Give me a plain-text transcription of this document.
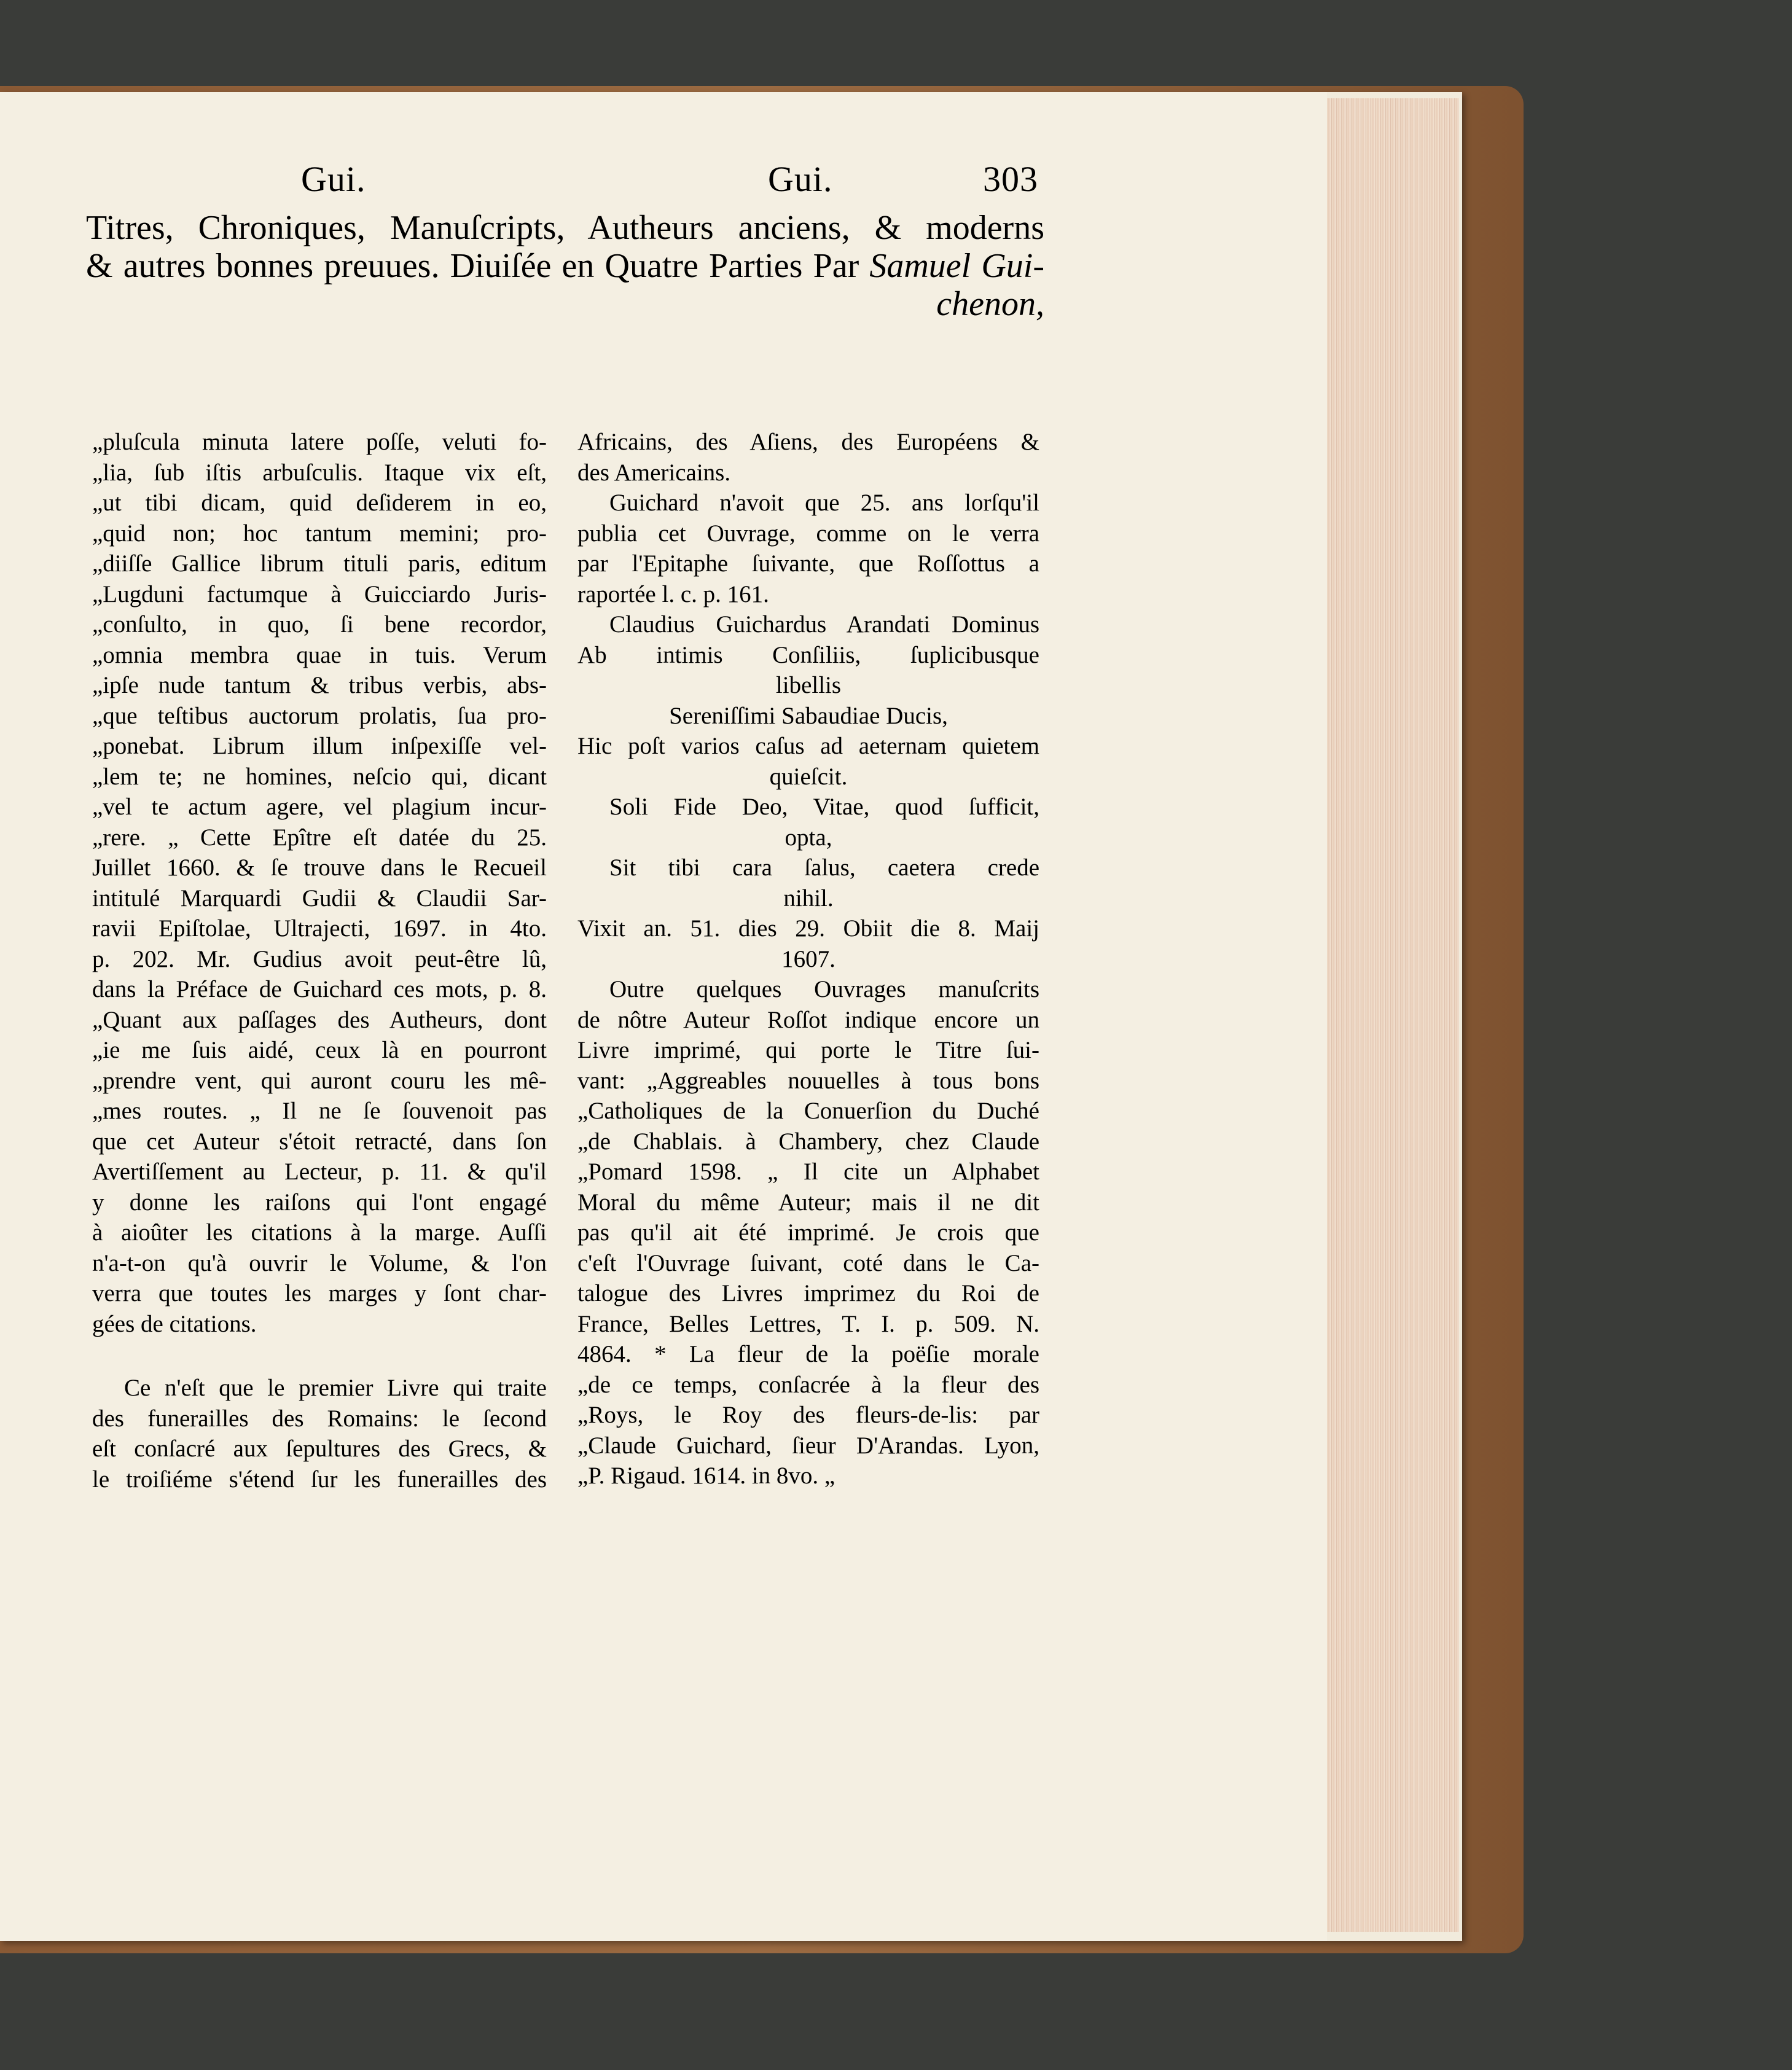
Gui.	Gui.	303
Titres, Chroniques, Manuſcripts, Autheurs anciens, & moderns
& autres bonnes preuues. Diuiſée en Quatre Parties Par Samuel Gui-
chenon,
„pluſcula minuta latere poſſe, veluti fo-
„lia, ſub iſtis arbuſculis. Itaque vix eſt,
„ut tibi dicam, quid deſiderem in eo,
„quid non; hoc tantum memini; pro-
„diiſſe Gallice librum tituli paris, editum
„Lugduni factumque à Guicciardo Juris-
„conſulto, in quo, ſi bene recordor,
„omnia membra quae in tuis. Verum
„ipſe nude tantum & tribus verbis, abs-
„que teſtibus auctorum prolatis, ſua pro-
„ponebat. Librum illum inſpexiſſe vel-
„lem te; ne homines, neſcio qui, dicant
„vel te actum agere, vel plagium incur-
„rere. „ Cette Epître eſt datée du 25.
Juillet 1660. & ſe trouve dans le Recueil
intitulé Marquardi Gudii & Claudii Sar-
ravii Epiſtolae, Ultrajecti, 1697. in 4to.
p. 202. Mr. Gudius avoit peut-être lû,
dans la Préface de Guichard ces mots, p. 8.
„Quant aux paſſages des Autheurs, dont
„ie me ſuis aidé, ceux là en pourront
„prendre vent, qui auront couru les mê-
„mes routes. „ Il ne ſe ſouvenoit pas
que cet Auteur s'étoit retracté, dans ſon
Avertiſſement au Lecteur, p. 11. & qu'il
y donne les raiſons qui l'ont engagé
à aioûter les citations à la marge. Auſſi
n'a-t-on qu'à ouvrir le Volume, & l'on
verra que toutes les marges y ſont char-
gées de citations.
Ce n'eſt que le premier Livre qui traite
des funerailles des Romains: le ſecond
eſt conſacré aux ſepultures des Grecs, &
le troiſiéme s'étend ſur les funerailles des
Africains, des Aſiens, des Européens &
des Americains.
Guichard n'avoit que 25. ans lorſqu'il
publia cet Ouvrage, comme on le verra
par l'Epitaphe ſuivante, que Roſſottus a
raportée l. c. p. 161.
Claudius Guichardus Arandati Dominus
Ab intimis Conſiliis, ſuplicibusque
libellis
Sereniſſimi Sabaudiae Ducis,
Hic poſt varios caſus ad aeternam quietem
quieſcit.
Soli Fide Deo, Vitae, quod ſufficit,
opta,
Sit tibi cara ſalus, caetera crede
nihil.
Vixit an. 51. dies 29. Obiit die 8. Maij
1607.
Outre quelques Ouvrages manuſcrits
de nôtre Auteur Roſſot indique encore un
Livre imprimé, qui porte le Titre ſui-
vant: „Aggreables nouuelles à tous bons
„Catholiques de la Conuerſion du Duché
„de Chablais. à Chambery, chez Claude
„Pomard 1598. „ Il cite un Alphabet
Moral du même Auteur; mais il ne dit
pas qu'il ait été imprimé. Je crois que
c'eſt l'Ouvrage ſuivant, coté dans le Ca-
talogue des Livres imprimez du Roi de
France, Belles Lettres, T. I. p. 509. N.
4864. * La fleur de la poëſie morale
„de ce temps, conſacrée à la fleur des
„Roys, le Roy des fleurs-de-lis: par
„Claude Guichard, ſieur D'Arandas. Lyon,
„P. Rigaud. 1614. in 8vo. „
